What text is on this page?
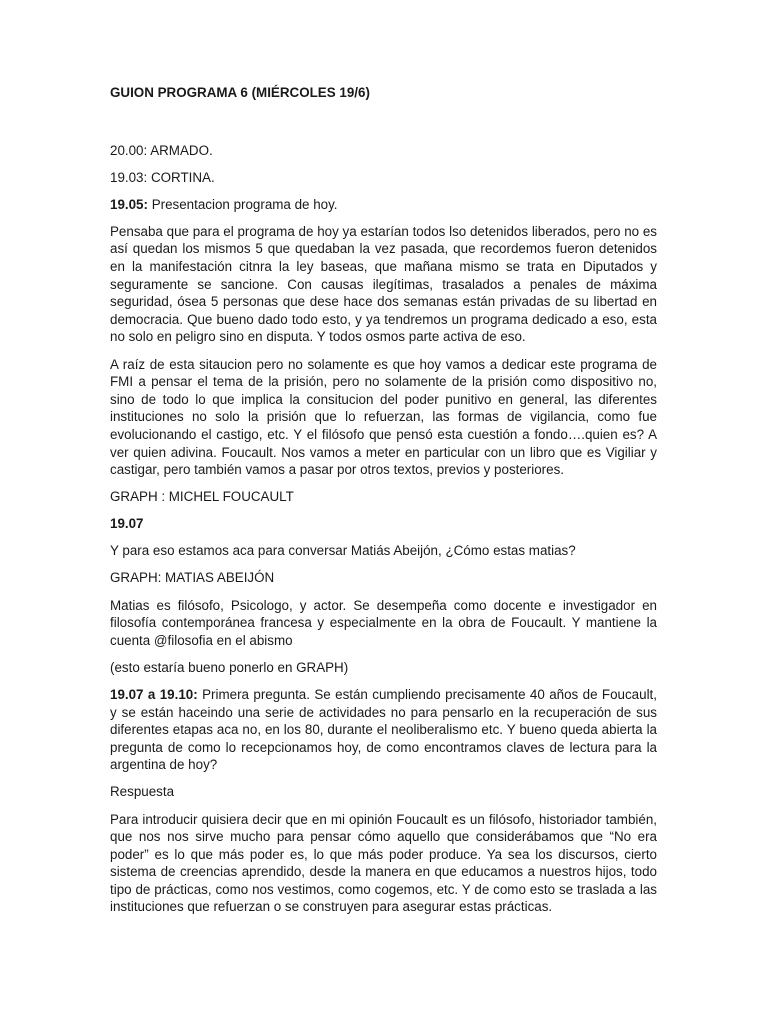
GUION PROGRAMA 6 (MIÉRCOLES 19/6)

20.00: ARMADO.

19.03: CORTINA.

19.05: Presentacion programa de hoy.

Pensaba que para el programa de hoy ya estarían todos lso detenidos liberados, pero no es así quedan los mismos 5 que quedaban la vez pasada, que recordemos fueron detenidos en la manifestación citnra la ley baseas, que mañana mismo se trata en Diputados y seguramente se sancione. Con causas ilegítimas, trasalados a penales de máxima seguridad, ósea 5 personas que dese hace dos semanas están privadas de su libertad en democracia. Que bueno dado todo esto, y ya tendremos un programa dedicado a eso, esta no solo en peligro sino en disputa. Y todos osmos parte activa de eso.

A raíz de esta sitaucion pero no solamente es que hoy vamos a dedicar este programa de FMI a pensar el tema de la prisión, pero no solamente de la prisión como dispositivo no, sino de todo lo que implica la consitucion del poder punitivo en general, las diferentes instituciones no solo la prisión que lo refuerzan, las formas de vigilancia, como fue evolucionando el castigo, etc. Y el filósofo que pensó esta cuestión a fondo….quien es? A ver quien adivina. Foucault. Nos vamos a meter en particular con un libro que es Vigiliar y castigar, pero también vamos a pasar por otros textos, previos y posteriores.

GRAPH : MICHEL FOUCAULT

19.07

Y para eso estamos aca para conversar Matiás Abeijón, ¿Cómo estas matias?

GRAPH: MATIAS ABEIJÓN

Matias es filósofo, Psicologo, y actor. Se desempeña como docente e investigador en filosofía contemporánea francesa y especialmente en la obra de Foucault. Y mantiene la cuenta @filosofia en el abismo

(esto estaría bueno ponerlo en GRAPH)

19.07 a 19.10: Primera pregunta. Se están cumpliendo precisamente 40 años de Foucault, y se están haceindo una serie de actividades no para pensarlo en la recuperación de sus diferentes etapas aca no, en los 80, durante el neoliberalismo etc. Y bueno queda abierta la pregunta de como lo recepcionamos hoy, de como encontramos claves de lectura para la argentina de hoy?

Respuesta

Para introducir quisiera decir que en mi opinión Foucault es un filósofo, historiador también, que nos nos sirve mucho para pensar cómo aquello que considerábamos que “No era poder” es lo que más poder es, lo que más poder produce. Ya sea los discursos, cierto sistema de creencias aprendido, desde la manera en que educamos a nuestros hijos, todo tipo de prácticas, como nos vestimos, como cogemos, etc. Y de como esto se traslada a las instituciones que refuerzan o se construyen para asegurar estas prácticas.
